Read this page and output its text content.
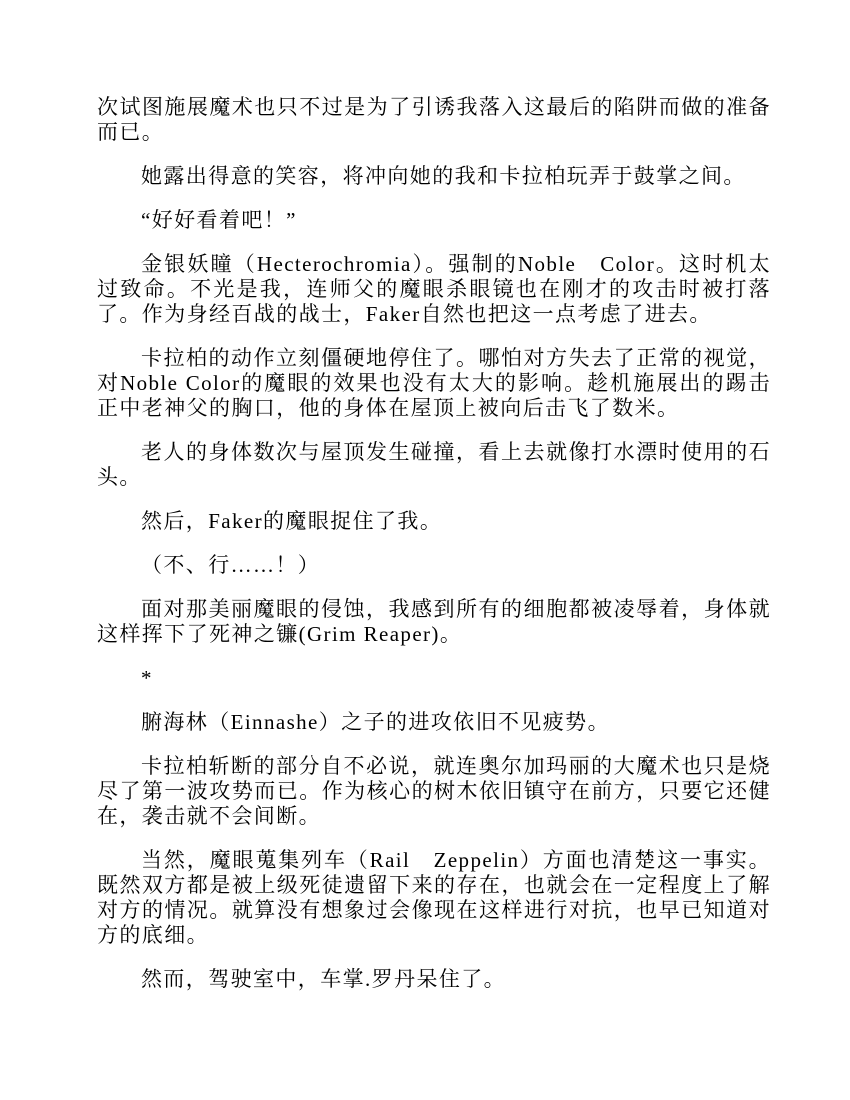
次试图施展魔术也只不过是为了引诱我落入这最后的陷阱而做的准备而已。

她露出得意的笑容，将冲向她的我和卡拉柏玩弄于鼓掌之间。

“好好看着吧！”

金银妖瞳（Hecterochromia）。强制的Noble　Color。这时机太过致命。不光是我，连师父的魔眼杀眼镜也在刚才的攻击时被打落了。作为身经百战的战士，Faker自然也把这一点考虑了进去。

卡拉柏的动作立刻僵硬地停住了。哪怕对方失去了正常的视觉，对Noble Color的魔眼的效果也没有太大的影响。趁机施展出的踢击正中老神父的胸口，他的身体在屋顶上被向后击飞了数米。

老人的身体数次与屋顶发生碰撞，看上去就像打水漂时使用的石头。

然后，Faker的魔眼捉住了我。

（不、行……！）

面对那美丽魔眼的侵蚀，我感到所有的细胞都被凌辱着，身体就这样挥下了死神之镰(Grim Reaper)。

*

腑海林（Einnashe）之子的进攻依旧不见疲势。

卡拉柏斩断的部分自不必说，就连奥尔加玛丽的大魔术也只是烧尽了第一波攻势而已。作为核心的树木依旧镇守在前方，只要它还健在，袭击就不会间断。

当然，魔眼蒐集列车（Rail　Zeppelin）方面也清楚这一事实。既然双方都是被上级死徒遗留下来的存在，也就会在一定程度上了解对方的情况。就算没有想象过会像现在这样进行对抗，也早已知道对方的底细。

然而，驾驶室中，车掌.罗丹呆住了。
